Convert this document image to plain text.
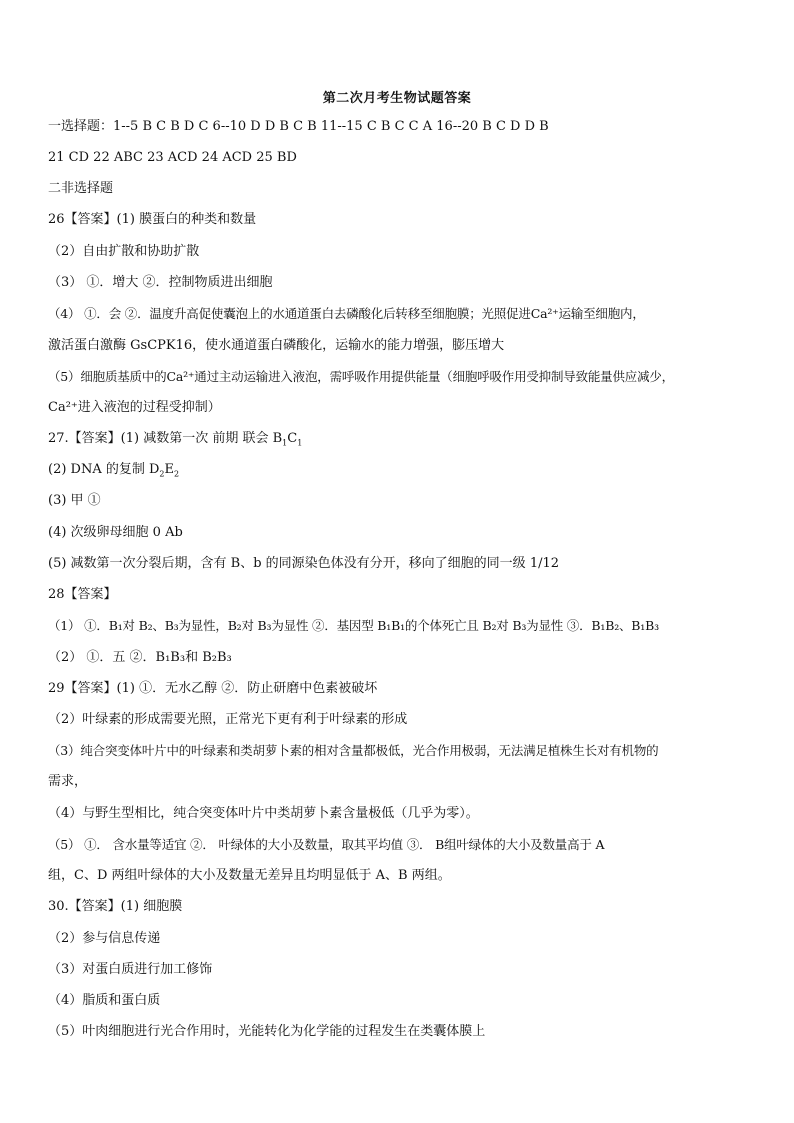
第二次月考生物试题答案
一选择题：1--5 B C B D C 6--10 D D B C B 11--15 C B C C A 16--20 B C D D B
21 CD 22 ABC 23 ACD 24 ACD 25 BD
二非选择题
26【答案】(1) 膜蛋白的种类和数量
（2）自由扩散和协助扩散
（3） ①．增大 ②．控制物质进出细胞
（4） ①．会 ②．温度升高促使囊泡上的水通道蛋白去磷酸化后转移至细胞膜；光照促进Ca²⁺运输至细胞内，
激活蛋白激酶 GsCPK16，使水通道蛋白磷酸化，运输水的能力增强，膨压增大
（5）细胞质基质中的Ca²⁺通过主动运输进入液泡，需呼吸作用提供能量（细胞呼吸作用受抑制导致能量供应减少，
Ca²⁺进入液泡的过程受抑制）
27.【答案】(1) 减数第一次 前期 联会 $B_1C_1$
(2) DNA 的复制 $D_2E_2$
(3) 甲 ①
(4) 次级卵母细胞 0 Ab
(5) 减数第一次分裂后期，含有 B、b 的同源染色体没有分开，移向了细胞的同一级 1/12
28【答案】
（1） ①．B₁对 B₂、B₃为显性，B₂对 B₃为显性 ②．基因型 B₁B₁的个体死亡且 B₂对 B₃为显性 ③．B₁B₂、B₁B₃
（2） ①．五 ②．B₁B₃和 B₂B₃
29【答案】(1) ①．无水乙醇 ②．防止研磨中色素被破坏
（2）叶绿素的形成需要光照，正常光下更有利于叶绿素的形成
（3）纯合突变体叶片中的叶绿素和类胡萝卜素的相对含量都极低，光合作用极弱，无法满足植株生长对有机物的
需求，
（4）与野生型相比，纯合突变体叶片中类胡萝卜素含量极低（几乎为零）。
（5） ①． 含水量等适宜 ②． 叶绿体的大小及数量，取其平均值 ③． B组叶绿体的大小及数量高于 A
组，C、D 两组叶绿体的大小及数量无差异且均明显低于 A、B 两组。
30.【答案】(1) 细胞膜
（2）参与信息传递
（3）对蛋白质进行加工修饰
（4）脂质和蛋白质
（5）叶肉细胞进行光合作用时，光能转化为化学能的过程发生在类囊体膜上
